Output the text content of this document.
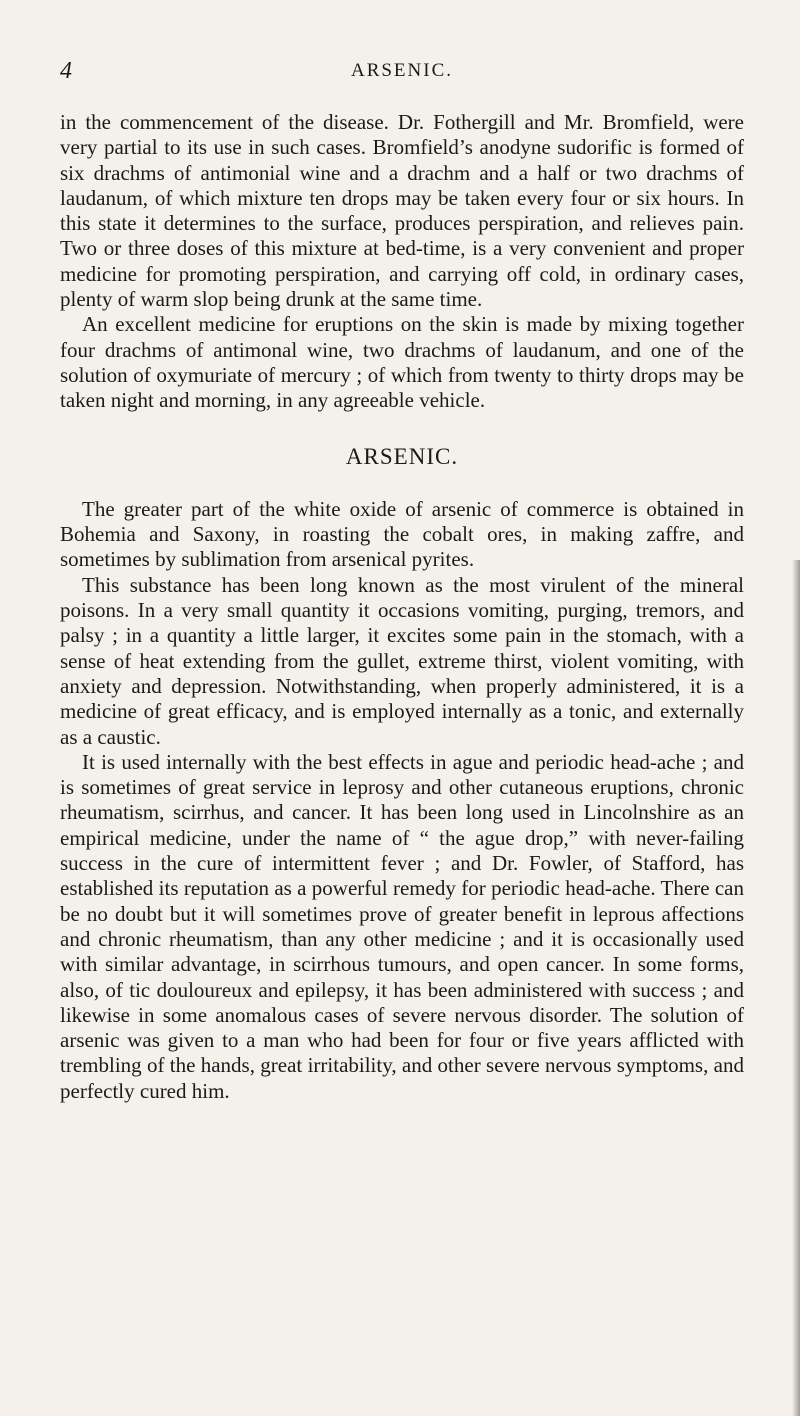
4	ARSENIC.

in the commencement of the disease. Dr. Fothergill and Mr. Bromfield, were very partial to its use in such cases. Bromfield’s anodyne sudorific is formed of six drachms of antimonial wine and a drachm and a half or two drachms of laudanum, of which mixture ten drops may be taken every four or six hours. In this state it determines to the surface, produces perspiration, and relieves pain. Two or three doses of this mixture at bed-time, is a very convenient and proper medicine for promoting perspiration, and carrying off cold, in ordinary cases, plenty of warm slop being drunk at the same time.

An excellent medicine for eruptions on the skin is made by mixing together four drachms of antimonal wine, two drachms of laudanum, and one of the solution of oxymuriate of mercury ; of which from twenty to thirty drops may be taken night and morning, in any agreeable vehicle.

ARSENIC.

The greater part of the white oxide of arsenic of commerce is obtained in Bohemia and Saxony, in roasting the cobalt ores, in making zaffre, and sometimes by sublimation from arsenical pyrites.

This substance has been long known as the most virulent of the mineral poisons. In a very small quantity it occasions vomiting, purging, tremors, and palsy ; in a quantity a little larger, it excites some pain in the stomach, with a sense of heat extending from the gullet, extreme thirst, violent vomiting, with anxiety and depression. Notwithstanding, when properly administered, it is a medicine of great efficacy, and is employed internally as a tonic, and externally as a caustic.

It is used internally with the best effects in ague and periodic head-ache ; and is sometimes of great service in leprosy and other cutaneous eruptions, chronic rheumatism, scirrhus, and cancer. It has been long used in Lincolnshire as an empirical medicine, under the name of “ the ague drop,” with never-failing success in the cure of intermittent fever ; and Dr. Fowler, of Stafford, has established its reputation as a powerful remedy for periodic head-ache. There can be no doubt but it will sometimes prove of greater benefit in leprous affections and chronic rheumatism, than any other medicine ; and it is occasionally used with similar advantage, in scirrhous tumours, and open cancer. In some forms, also, of tic douloureux and epilepsy, it has been administered with success ; and likewise in some anomalous cases of severe nervous disorder. The solution of arsenic was given to a man who had been for four or five years afflicted with trembling of the hands, great irritability, and other severe nervous symptoms, and perfectly cured him.
